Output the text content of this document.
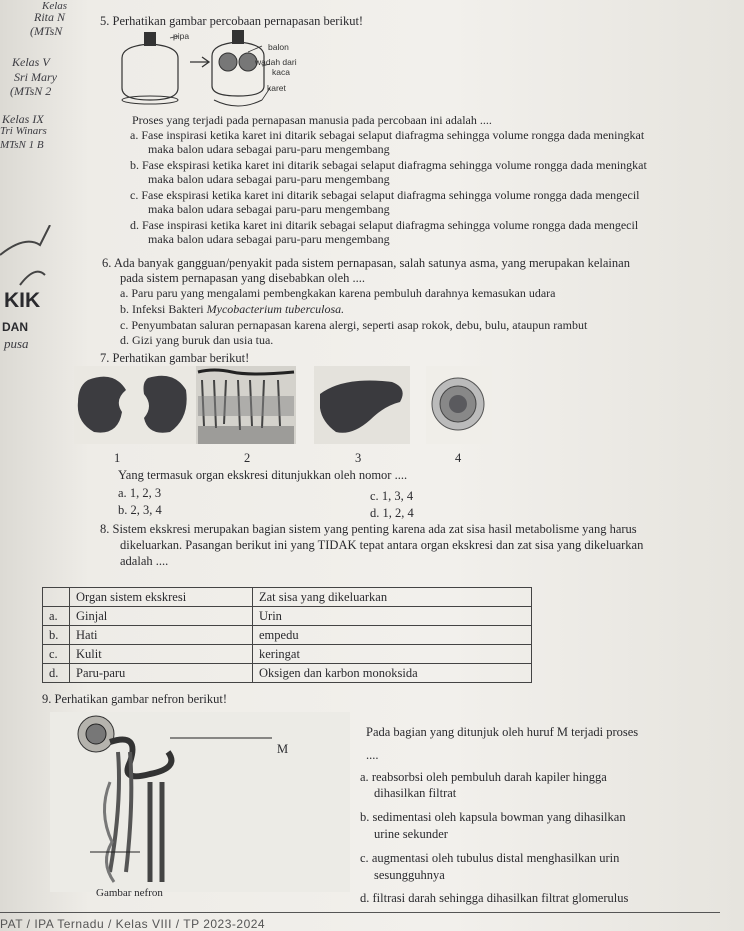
Kelas
Rita N
(MTsN
Kelas V
Sri Mary
(MTsN 2
Kelas IX
Tri Winars
MTsN 1 B
KIK
DAN
pusa
5. Perhatikan gambar percobaan pernapasan berikut!
pipa
balon
wadah dari
kaca
karet
Proses yang terjadi pada pernapasan manusia pada percobaan ini adalah ....
a. Fase inspirasi ketika karet ini ditarik sebagai selaput diafragma sehingga volume rongga dada meningkat
maka balon udara sebagai paru-paru mengembang
b. Fase ekspirasi ketika karet ini ditarik sebagai selaput diafragma sehingga volume rongga dada meningkat
maka balon udara sebagai paru-paru mengembang
c. Fase ekspirasi ketika karet ini ditarik sebagai selaput diafragma sehingga volume rongga dada mengecil
maka balon udara sebagai paru-paru mengembang
d. Fase inspirasi ketika karet ini ditarik sebagai selaput diafragma sehingga volume rongga dada mengecil
maka balon udara sebagai paru-paru mengembang
6. Ada banyak gangguan/penyakit pada sistem pernapasan, salah satunya asma, yang merupakan kelainan
pada sistem pernapasan yang disebabkan oleh ....
a. Paru paru yang mengalami pembengkakan karena pembuluh darahnya kemasukan udara
b. Infeksi Bakteri Mycobacterium tuberculosa.
c. Penyumbatan saluran pernapasan karena alergi, seperti asap rokok, debu, bulu, ataupun rambut
d. Gizi yang buruk dan usia tua.
7. Perhatikan gambar berikut!
1	2	3	4
Yang termasuk organ ekskresi ditunjukkan oleh nomor ....
a. 1, 2, 3	c. 1, 3, 4
b. 2, 3, 4	d. 1, 2, 4
8. Sistem ekskresi merupakan bagian sistem yang penting karena ada zat sisa hasil metabolisme yang harus
dikeluarkan. Pasangan berikut ini yang TIDAK tepat antara organ ekskresi dan zat sisa yang dikeluarkan
adalah ....
	Organ sistem ekskresi	Zat sisa yang dikeluarkan
a.	Ginjal	Urin
b.	Hati	empedu
c.	Kulit	keringat
d.	Paru-paru	Oksigen dan karbon monoksida
9. Perhatikan gambar nefron berikut!
M
Gambar nefron
Pada bagian yang ditunjuk oleh huruf M terjadi proses
....
a. reabsorbsi oleh pembuluh darah kapiler hingga
dihasilkan filtrat
b. sedimentasi oleh kapsula bowman yang dihasilkan
urine sekunder
c. augmentasi oleh tubulus distal menghasilkan urin
sesungguhnya
d. filtrasi darah sehingga dihasilkan filtrat glomerulus
PAT / IPA Ternadu / Kelas VIII / TP 2023-2024
